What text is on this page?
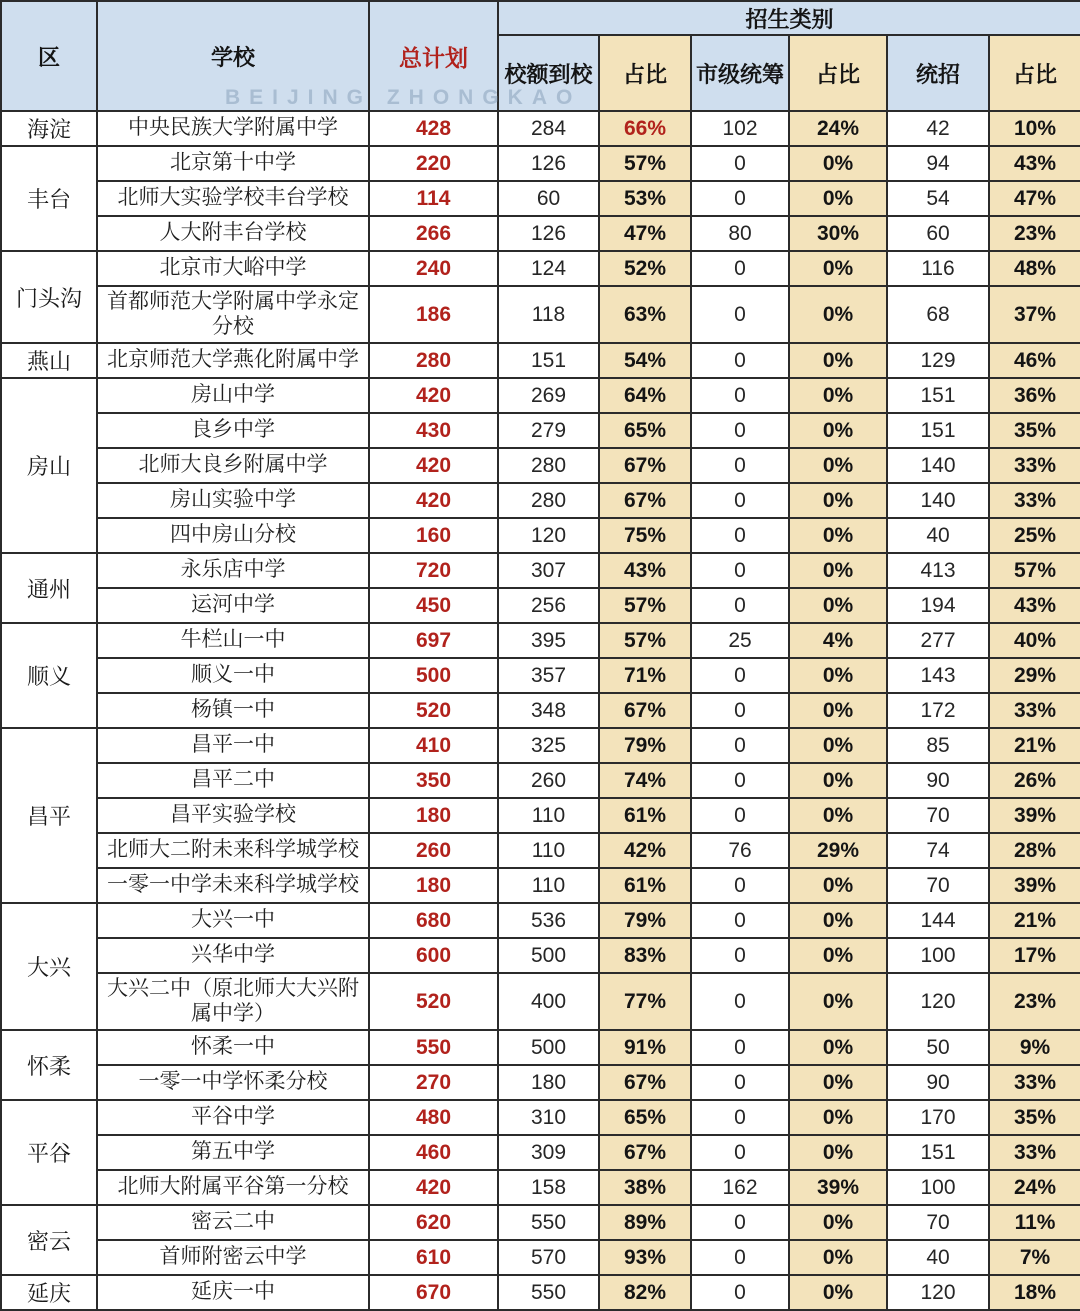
BEIJING ZHONGKAO
区	学校	总计划	招生类别					
			校额到校	占比	市级统筹	占比	统招	占比
海淀	中央民族大学附属中学	428	284	66%	102	24%	42	10%
丰台	北京第十中学	220	126	57%	0	0%	94	43%
	北师大实验学校丰台学校	114	60	53%	0	0%	54	47%
	人大附丰台学校	266	126	47%	80	30%	60	23%
门头沟	北京市大峪中学	240	124	52%	0	0%	116	48%
	首都师范大学附属中学永定分校	186	118	63%	0	0%	68	37%
燕山	北京师范大学燕化附属中学	280	151	54%	0	0%	129	46%
房山	房山中学	420	269	64%	0	0%	151	36%
	良乡中学	430	279	65%	0	0%	151	35%
	北师大良乡附属中学	420	280	67%	0	0%	140	33%
	房山实验中学	420	280	67%	0	0%	140	33%
	四中房山分校	160	120	75%	0	0%	40	25%
通州	永乐店中学	720	307	43%	0	0%	413	57%
	运河中学	450	256	57%	0	0%	194	43%
顺义	牛栏山一中	697	395	57%	25	4%	277	40%
	顺义一中	500	357	71%	0	0%	143	29%
	杨镇一中	520	348	67%	0	0%	172	33%
昌平	昌平一中	410	325	79%	0	0%	85	21%
	昌平二中	350	260	74%	0	0%	90	26%
	昌平实验学校	180	110	61%	0	0%	70	39%
	北师大二附未来科学城学校	260	110	42%	76	29%	74	28%
	一零一中学未来科学城学校	180	110	61%	0	0%	70	39%
大兴	大兴一中	680	536	79%	0	0%	144	21%
	兴华中学	600	500	83%	0	0%	100	17%
	大兴二中（原北师大大兴附属中学）	520	400	77%	0	0%	120	23%
怀柔	怀柔一中	550	500	91%	0	0%	50	9%
	一零一中学怀柔分校	270	180	67%	0	0%	90	33%
平谷	平谷中学	480	310	65%	0	0%	170	35%
	第五中学	460	309	67%	0	0%	151	33%
	北师大附属平谷第一分校	420	158	38%	162	39%	100	24%
密云	密云二中	620	550	89%	0	0%	70	11%
	首师附密云中学	610	570	93%	0	0%	40	7%
延庆	延庆一中	670	550	82%	0	0%	120	18%
